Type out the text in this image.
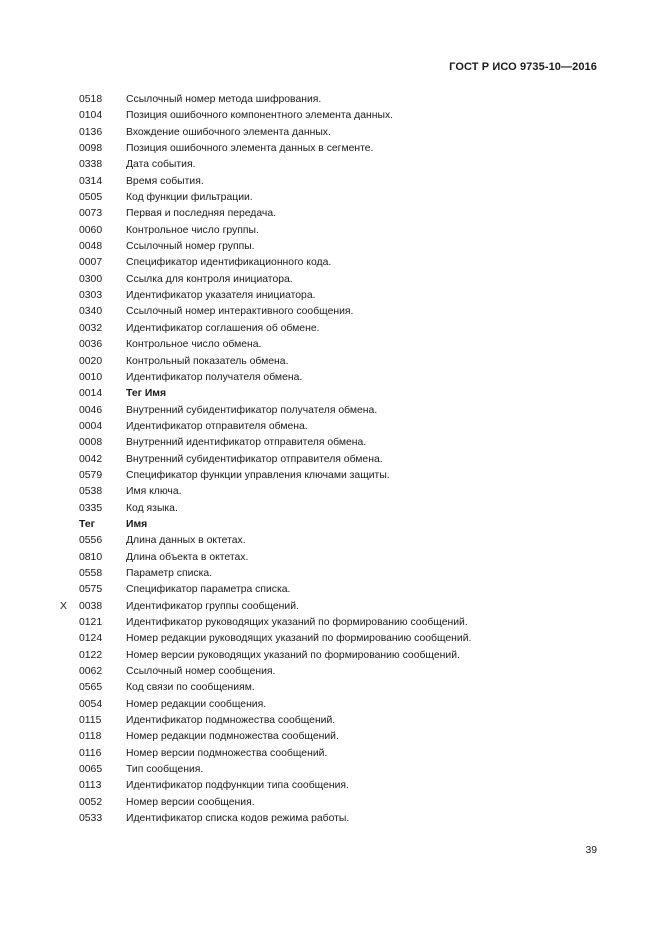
ГОСТ Р ИСО 9735-10—2016
0518 Ссылочный номер метода шифрования.
0104 Позиция ошибочного компонентного элемента данных.
0136 Вхождение ошибочного элемента данных.
0098 Позиция ошибочного элемента данных в сегменте.
0338 Дата события.
0314 Время события.
0505 Код функции фильтрации.
0073 Первая и последняя передача.
0060 Контрольное число группы.
0048 Ссылочный номер группы.
0007 Спецификатор идентификационного кода.
0300 Ссылка для контроля инициатора.
0303 Идентификатор указателя инициатора.
0340 Ссылочный номер интерактивного сообщения.
0032 Идентификатор соглашения об обмене.
0036 Контрольное число обмена.
0020 Контрольный показатель обмена.
0010 Идентификатор получателя обмена.
0014 Тег Имя
0046 Внутренний субидентификатор получателя обмена.
0004 Идентификатор отправителя обмена.
0008 Внутренний идентификатор отправителя обмена.
0042 Внутренний субидентификатор отправителя обмена.
0579 Спецификатор функции управления ключами защиты.
0538 Имя ключа.
0335 Код языка.
Тег	Имя
0556 Длина данных в октетах.
0810 Длина объекта в октетах.
0558 Параметр списка.
0575 Спецификатор параметра списка.
X 0038 Идентификатор группы сообщений.
0121 Идентификатор руководящих указаний по формированию сообщений.
0124 Номер редакции руководящих указаний по формированию сообщений.
0122 Номер версии руководящих указаний по формированию сообщений.
0062 Ссылочный номер сообщения.
0565 Код связи по сообщениям.
0054 Номер редакции сообщения.
0115 Идентификатор подмножества сообщений.
0118 Номер редакции подмножества сообщений.
0116 Номер версии подмножества сообщений.
0065 Тип сообщения.
0113 Идентификатор подфункции типа сообщения.
0052 Номер версии сообщения.
0533 Идентификатор списка кодов режима работы.
39
